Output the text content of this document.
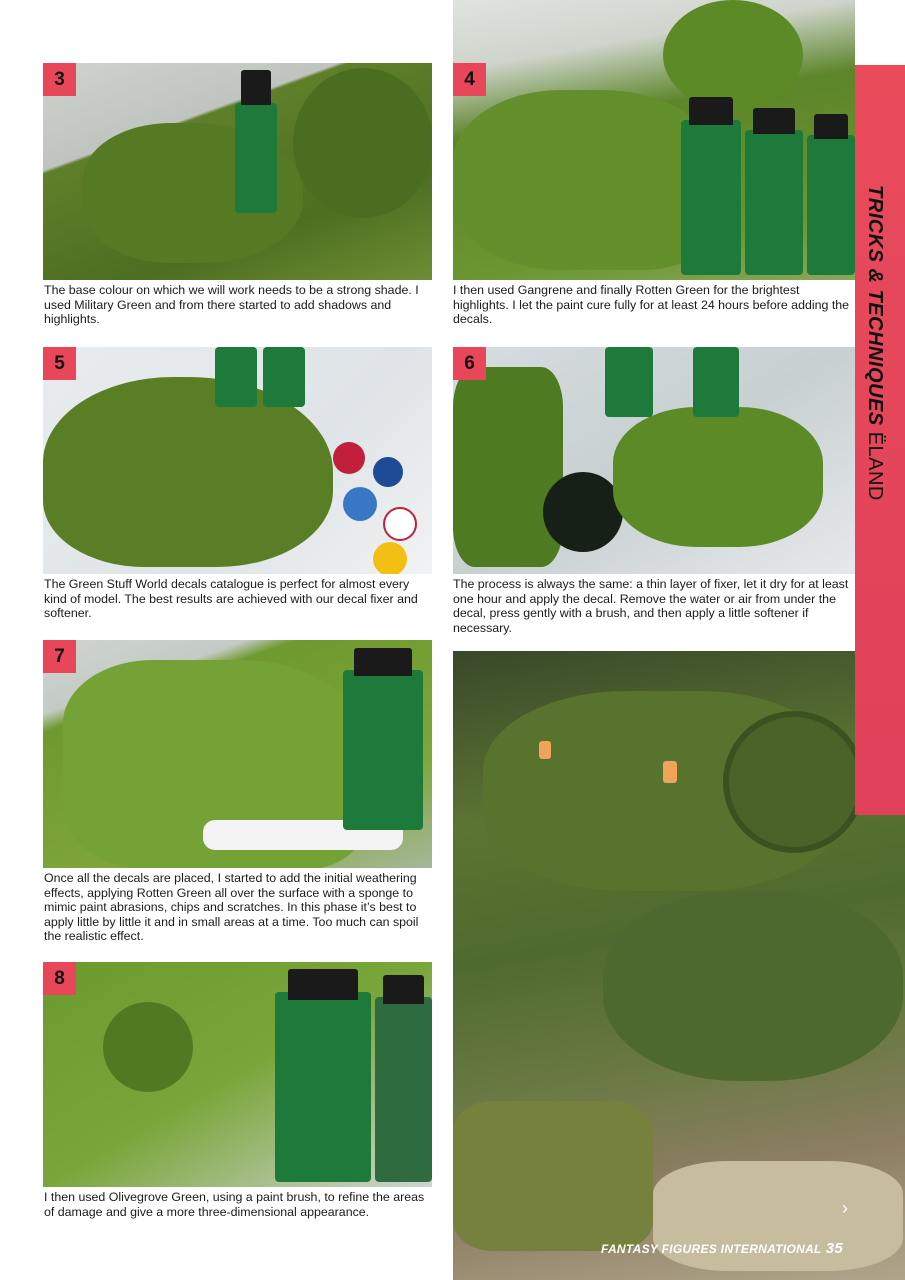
3

The base colour on which we will work needs to be a strong shade. I used Military Green and from there started to add shadows and highlights.

4

I then used Gangrene and finally Rotten Green for the brightest highlights. I let the paint cure fully for at least 24 hours before adding the decals.

5

The Green Stuff World decals catalogue is perfect for almost every kind of model. The best results are achieved with our decal fixer and softener.

6

The process is always the same: a thin layer of fixer, let it dry for at least one hour and apply the decal. Remove the water or air from under the decal, press gently with a brush, and then apply a little softener if necessary.

7

Once all the decals are placed, I started to add the initial weathering effects, applying Rotten Green all over the surface with a sponge to mimic paint abrasions, chips and scratches. In this phase it’s best to apply little by little it and in small areas at a time. Too much can spoil the realistic effect.

8

I then used Olivegrove Green, using a paint brush, to refine the areas of damage and give a more three-dimensional appearance.

TRICKS & TECHNIQUES ËLAND
›
FANTASY FIGURES INTERNATIONAL 35
